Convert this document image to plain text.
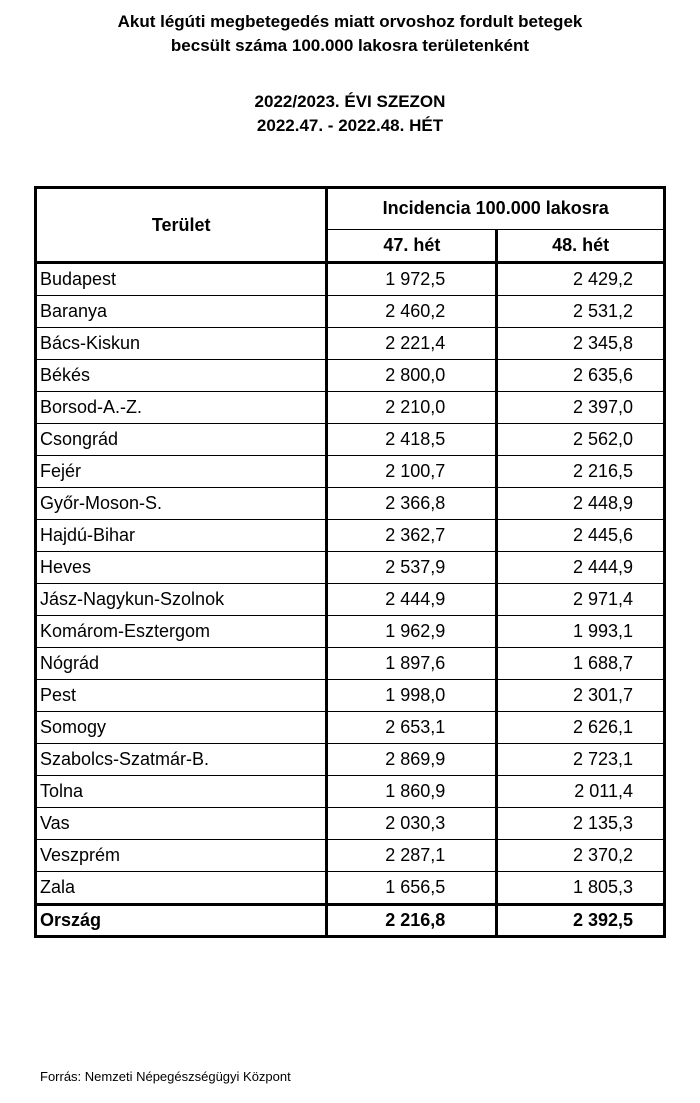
Akut légúti megbetegedés miatt orvoshoz fordult betegek
becsült száma 100.000 lakosra területenként
2022/2023. ÉVI SZEZON
2022.47. - 2022.48. HÉT
Terület	Incidencia 100.000 lakosra	
	47. hét	48. hét
Budapest	1 972,5	2 429,2
Baranya	2 460,2	2 531,2
Bács-Kiskun	2 221,4	2 345,8
Békés	2 800,0	2 635,6
Borsod-A.-Z.	2 210,0	2 397,0
Csongrád	2 418,5	2 562,0
Fejér	2 100,7	2 216,5
Győr-Moson-S.	2 366,8	2 448,9
Hajdú-Bihar	2 362,7	2 445,6
Heves	2 537,9	2 444,9
Jász-Nagykun-Szolnok	2 444,9	2 971,4
Komárom-Esztergom	1 962,9	1 993,1
Nógrád	1 897,6	1 688,7
Pest	1 998,0	2 301,7
Somogy	2 653,1	2 626,1
Szabolcs-Szatmár-B.	2 869,9	2 723,1
Tolna	1 860,9	2 011,4
Vas	2 030,3	2 135,3
Veszprém	2 287,1	2 370,2
Zala	1 656,5	1 805,3
Ország	2 216,8	2 392,5
Forrás: Nemzeti Népegészségügyi Központ
